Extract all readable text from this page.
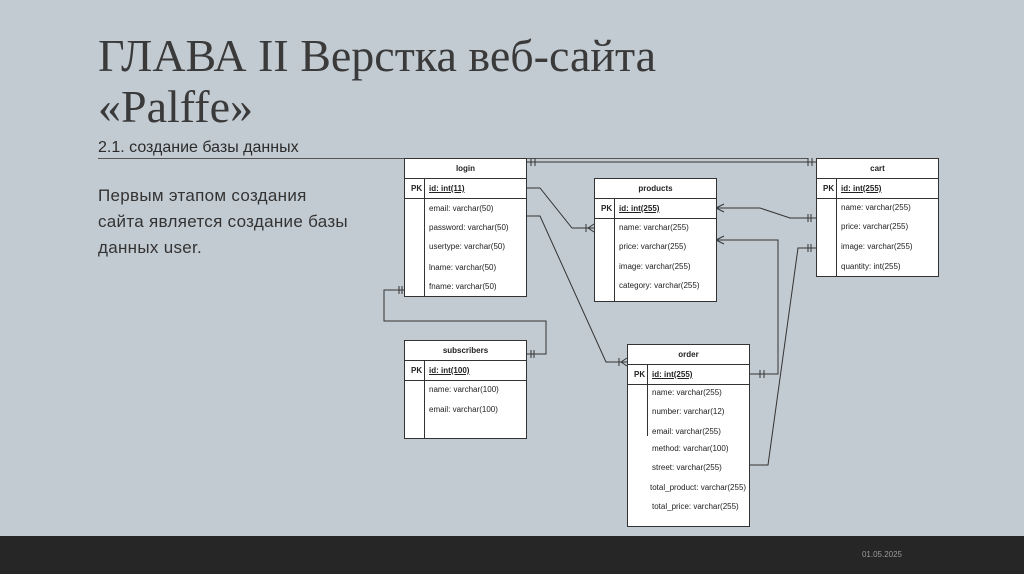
ГЛАВА II Верстка веб-сайта
«Palffe»
2.1. создание базы данных
Первым этапом создания сайта является создание базы данных user.
login
PK id: int(11)
email: varchar(50)
password: varchar(50)
usertype: varchar(50)
lname: varchar(50)
fname: varchar(50)
products
PK id: int(255)
name: varchar(255)
price: varchar(255)
image: varchar(255)
category: varchar(255)
cart
PK id: int(255)
name: varchar(255)
price: varchar(255)
image: varchar(255)
quantity: int(255)
subscribers
PK id: int(100)
name: varchar(100)
email: varchar(100)
order
PK id: int(255)
name: varchar(255)
number: varchar(12)
email: varchar(255)
method: varchar(100)
street: varchar(255)
total_product: varchar(255)
total_price: varchar(255)
01.05.2025
